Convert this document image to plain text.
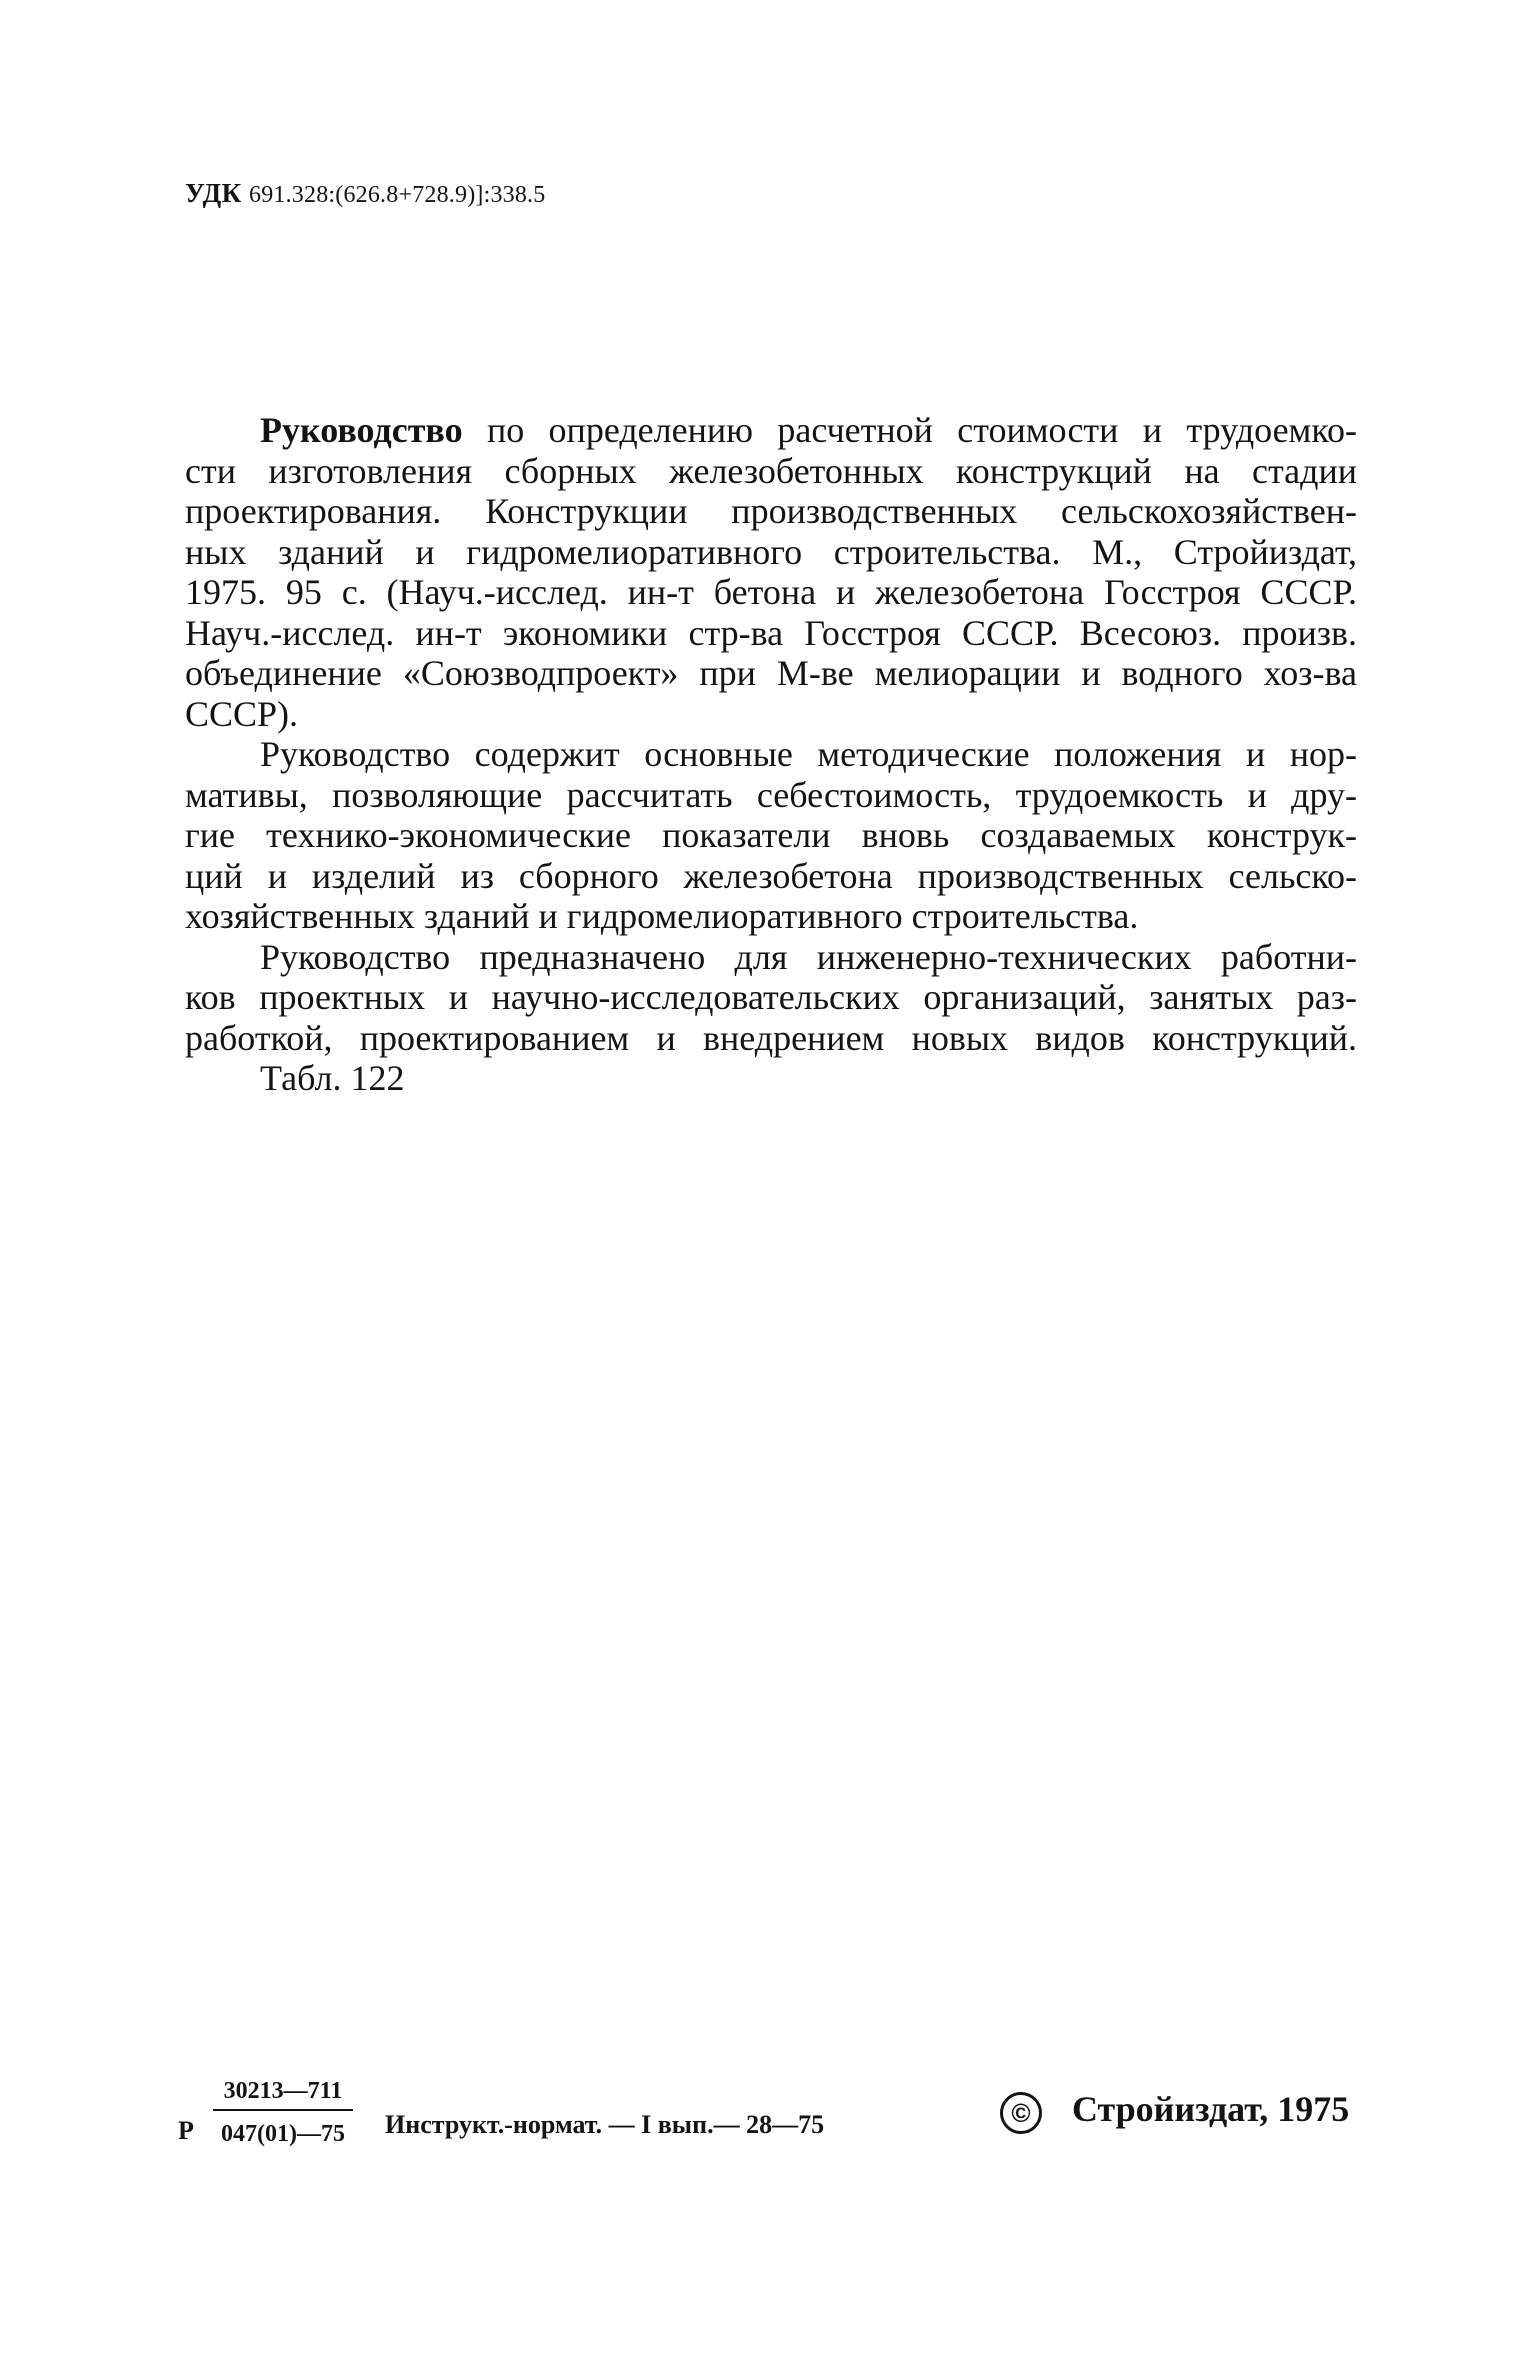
УДК 691.328:(626.8+728.9)]:338.5
Руководство по определению расчетной стоимости и трудоемко-
сти изготовления сборных железобетонных конструкций на стадии
проектирования. Конструкции производственных сельскохозяйствен-
ных зданий и гидромелиоративного строительства. М., Стройиздат,
1975. 95 с. (Науч.-исслед. ин-т бетона и железобетона Госстроя СССР.
Науч.-исслед. ин-т экономики стр-ва Госстроя СССР. Всесоюз. произв.
объединение «Союзводпроект» при М-ве мелиорации и водного хоз-ва
СССР).
Руководство содержит основные методические положения и нор-
мативы, позволяющие рассчитать себестоимость, трудоемкость и дру-
гие технико-экономические показатели вновь создаваемых конструк-
ций и изделий из сборного железобетона производственных сельско-
хозяйственных зданий и гидромелиоративного строительства.
Руководство предназначено для инженерно-технических работни-
ков проектных и научно-исследовательских организаций, занятых раз-
работкой, проектированием и внедрением новых видов конструкций.
Табл. 122
Р $\frac{30213—711}{047(01)—75}$ Инструкт.-нормат. — I вып.— 28—75	© Стройиздат, 1975
